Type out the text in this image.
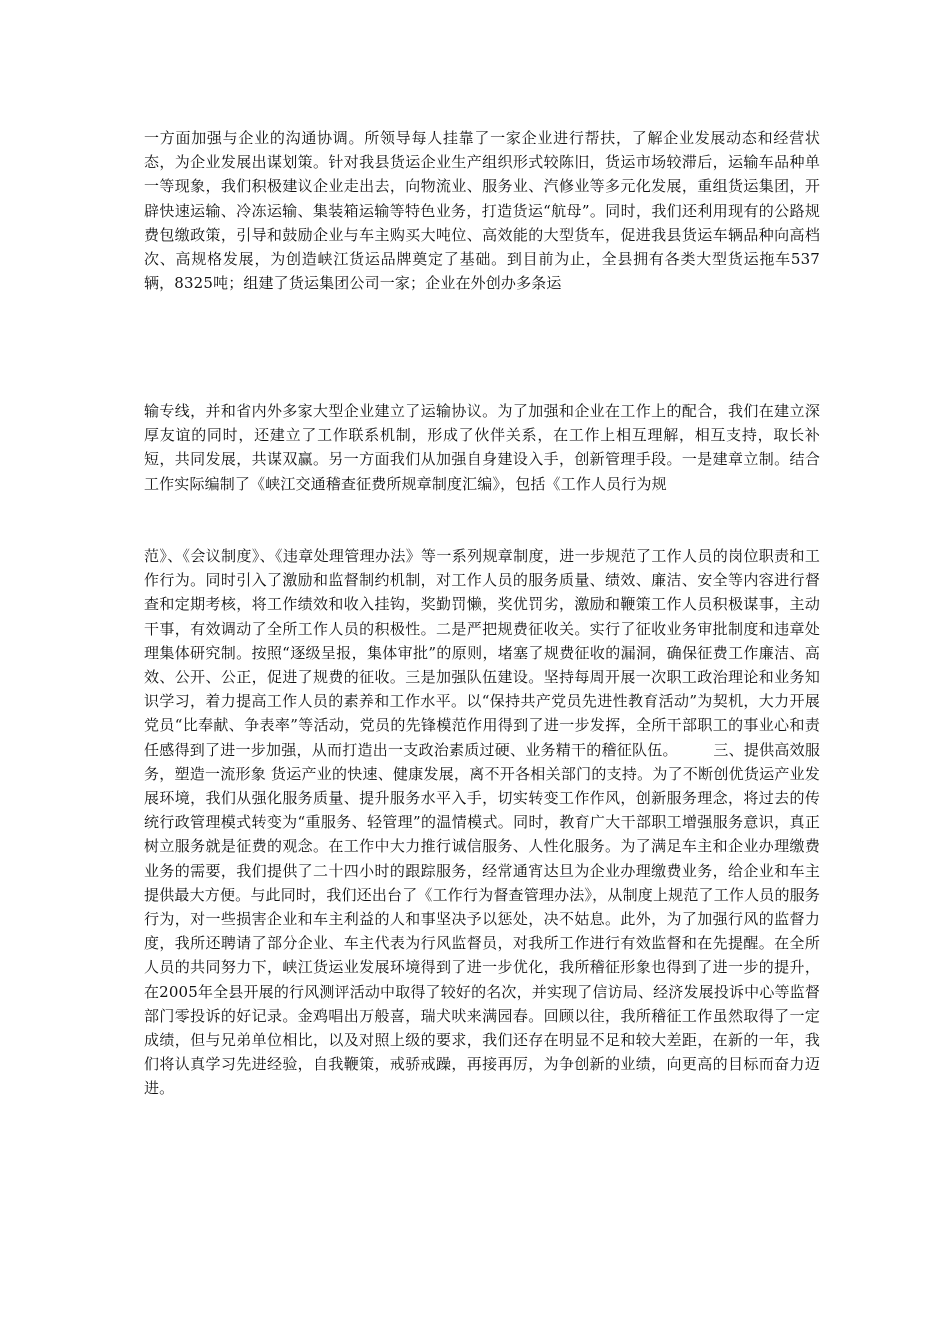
一方面加强与企业的沟通协调。所领导每人挂靠了一家企业进行帮扶，了解企业发展动态和经营状态，为企业发展出谋划策。针对我县货运企业生产组织形式较陈旧，货运市场较滞后，运输车品种单一等现象，我们积极建议企业走出去，向物流业、服务业、汽修业等多元化发展，重组货运集团，开辟快速运输、冷冻运输、集装箱运输等特色业务，打造货运“航母”。同时，我们还利用现有的公路规费包缴政策，引导和鼓励企业与车主购买大吨位、高效能的大型货车，促进我县货运车辆品种向高档次、高规格发展，为创造峡江货运品牌奠定了基础。到目前为止，全县拥有各类大型货运拖车537辆，8325吨；组建了货运集团公司一家；企业在外创办多条运

输专线，并和省内外多家大型企业建立了运输协议。为了加强和企业在工作上的配合，我们在建立深厚友谊的同时，还建立了工作联系机制，形成了伙伴关系，在工作上相互理解，相互支持，取长补短，共同发展，共谋双赢。另一方面我们从加强自身建设入手，创新管理手段。一是建章立制。结合工作实际编制了《峡江交通稽查征费所规章制度汇编》，包括《工作人员行为规

范》、《会议制度》、《违章处理管理办法》等一系列规章制度，进一步规范了工作人员的岗位职责和工作行为。同时引入了激励和监督制约机制，对工作人员的服务质量、绩效、廉洁、安全等内容进行督查和定期考核，将工作绩效和收入挂钩，奖勤罚懒，奖优罚劣，激励和鞭策工作人员积极谋事，主动干事，有效调动了全所工作人员的积极性。二是严把规费征收关。实行了征收业务审批制度和违章处理集体研究制。按照“逐级呈报，集体审批”的原则，堵塞了规费征收的漏洞，确保征费工作廉洁、高效、公开、公正，促进了规费的征收。三是加强队伍建设。坚持每周开展一次职工政治理论和业务知识学习，着力提高工作人员的素养和工作水平。以“保持共产党员先进性教育活动”为契机，大力开展党员“比奉献、争表率”等活动，党员的先锋模范作用得到了进一步发挥，全所干部职工的事业心和责任感得到了进一步加强，从而打造出一支政治素质过硬、业务精干的稽征队伍。 　　三、提供高效服务，塑造一流形象 货运产业的快速、健康发展，离不开各相关部门的支持。为了不断创优货运产业发展环境，我们从强化服务质量、提升服务水平入手，切实转变工作作风，创新服务理念，将过去的传统行政管理模式转变为“重服务、轻管理”的温情模式。同时，教育广大干部职工增强服务意识，真正树立服务就是征费的观念。在工作中大力推行诚信服务、人性化服务。为了满足车主和企业办理缴费业务的需要，我们提供了二十四小时的跟踪服务，经常通宵达旦为企业办理缴费业务，给企业和车主提供最大方便。与此同时，我们还出台了《工作行为督查管理办法》，从制度上规范了工作人员的服务行为，对一些损害企业和车主利益的人和事坚决予以惩处，决不姑息。此外，为了加强行风的监督力度，我所还聘请了部分企业、车主代表为行风监督员，对我所工作进行有效监督和在先提醒。在全所人员的共同努力下，峡江货运业发展环境得到了进一步优化，我所稽征形象也得到了进一步的提升，在2005年全县开展的行风测评活动中取得了较好的名次，并实现了信访局、经济发展投诉中心等监督部门零投诉的好记录。金鸡唱出万般喜，瑞犬吠来满园春。回顾以往，我所稽征工作虽然取得了一定成绩，但与兄弟单位相比，以及对照上级的要求，我们还存在明显不足和较大差距，在新的一年，我们将认真学习先进经验，自我鞭策，戒骄戒躁，再接再厉，为争创新的业绩，向更高的目标而奋力迈进。
